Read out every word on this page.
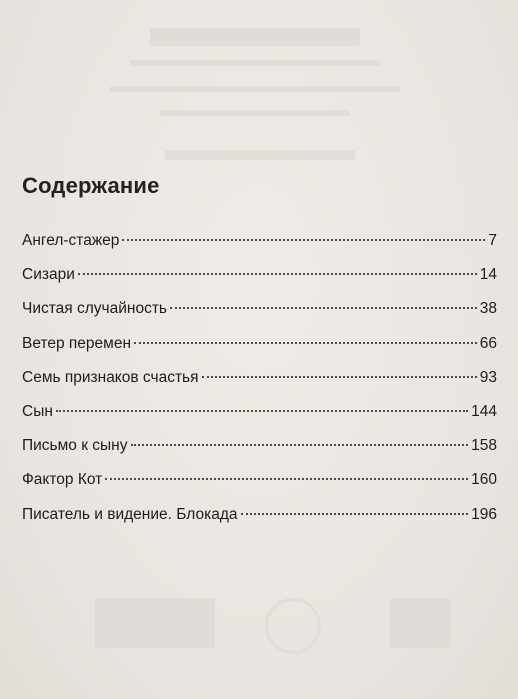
Содержание
Ангел-стажер	7
Сизари	14
Чистая случайность	38
Ветер перемен	66
Семь признаков счастья	93
Сын	144
Письмо к сыну	158
Фактор Кот	160
Писатель и видение. Блокада	196
